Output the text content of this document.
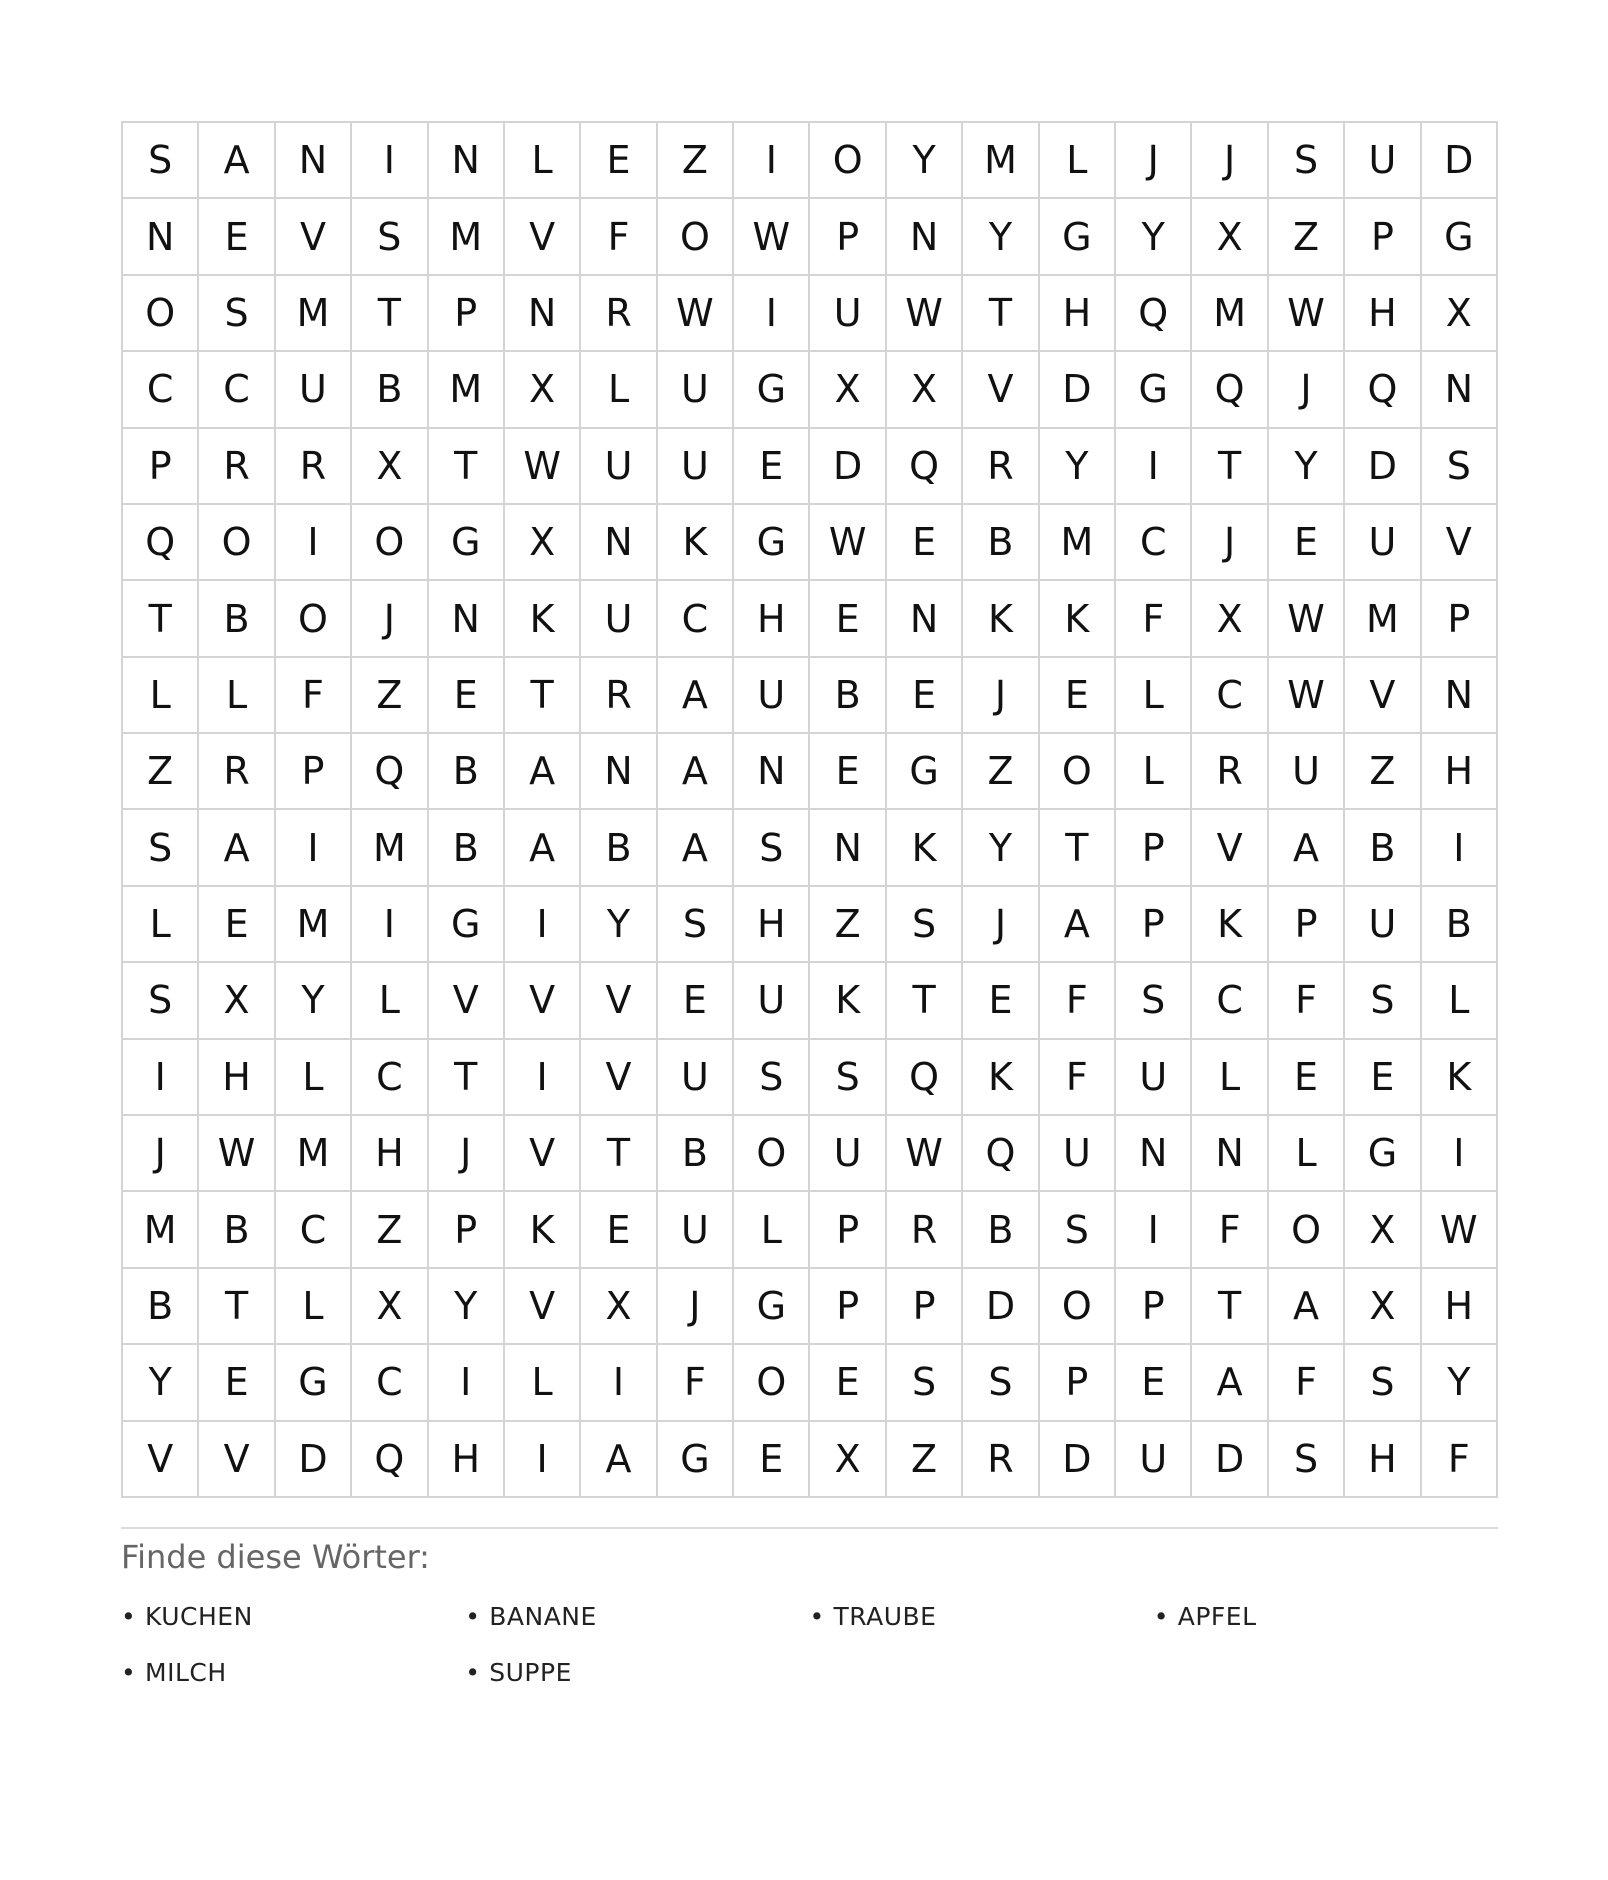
S	A	N	I	N	L	E	Z	I	O	Y	M	L	J	J	S	U	D
N	E	V	S	M	V	F	O	W	P	N	Y	G	Y	X	Z	P	G
O	S	M	T	P	N	R	W	I	U	W	T	H	Q	M	W	H	X
C	C	U	B	M	X	L	U	G	X	X	V	D	G	Q	J	Q	N
P	R	R	X	T	W	U	U	E	D	Q	R	Y	I	T	Y	D	S
Q	O	I	O	G	X	N	K	G	W	E	B	M	C	J	E	U	V
T	B	O	J	N	K	U	C	H	E	N	K	K	F	X	W	M	P
L	L	F	Z	E	T	R	A	U	B	E	J	E	L	C	W	V	N
Z	R	P	Q	B	A	N	A	N	E	G	Z	O	L	R	U	Z	H
S	A	I	M	B	A	B	A	S	N	K	Y	T	P	V	A	B	I
L	E	M	I	G	I	Y	S	H	Z	S	J	A	P	K	P	U	B
S	X	Y	L	V	V	V	E	U	K	T	E	F	S	C	F	S	L
I	H	L	C	T	I	V	U	S	S	Q	K	F	U	L	E	E	K
J	W	M	H	J	V	T	B	O	U	W	Q	U	N	N	L	G	I
M	B	C	Z	P	K	E	U	L	P	R	B	S	I	F	O	X	W
B	T	L	X	Y	V	X	J	G	P	P	D	O	P	T	A	X	H
Y	E	G	C	I	L	I	F	O	E	S	S	P	E	A	F	S	Y
V	V	D	Q	H	I	A	G	E	X	Z	R	D	U	D	S	H	F
Finde diese Wörter:
• KUCHEN	• BANANE	• TRAUBE	• APFEL
• MILCH	• SUPPE
